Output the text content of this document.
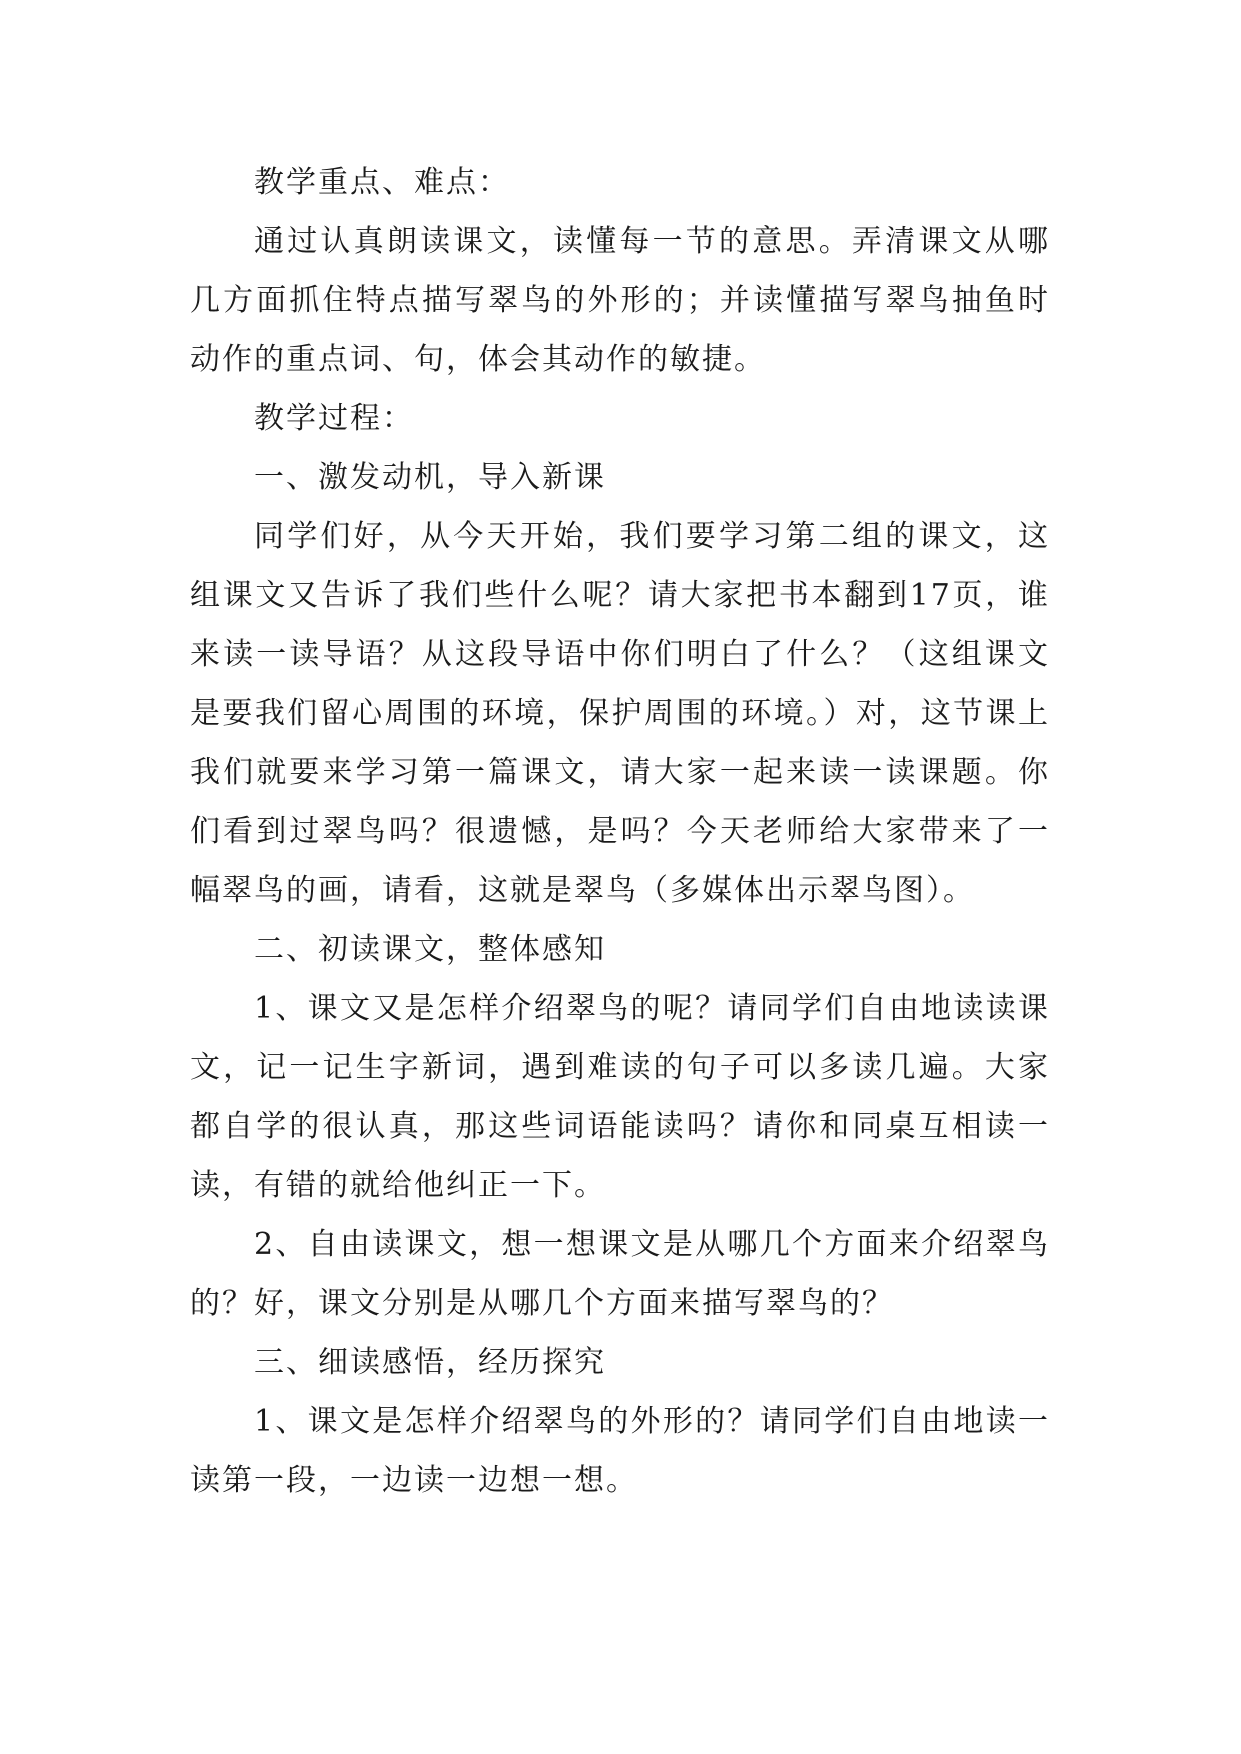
教学重点、难点：

通过认真朗读课文，读懂每一节的意思。弄清课文从哪几方面抓住特点描写翠鸟的外形的；并读懂描写翠鸟抽鱼时动作的重点词、句，体会其动作的敏捷。

教学过程：

一、激发动机，导入新课

同学们好，从今天开始，我们要学习第二组的课文，这组课文又告诉了我们些什么呢？请大家把书本翻到17页，谁来读一读导语？从这段导语中你们明白了什么？（这组课文是要我们留心周围的环境，保护周围的环境。）对，这节课上我们就要来学习第一篇课文，请大家一起来读一读课题。你们看到过翠鸟吗？很遗憾，是吗？今天老师给大家带来了一幅翠鸟的画，请看，这就是翠鸟（多媒体出示翠鸟图）。

二、初读课文，整体感知

1、课文又是怎样介绍翠鸟的呢？请同学们自由地读读课文，记一记生字新词，遇到难读的句子可以多读几遍。大家都自学的很认真，那这些词语能读吗？请你和同桌互相读一读，有错的就给他纠正一下。

2、自由读课文，想一想课文是从哪几个方面来介绍翠鸟的？好，课文分别是从哪几个方面来描写翠鸟的？

三、细读感悟，经历探究

1、课文是怎样介绍翠鸟的外形的？请同学们自由地读一读第一段，一边读一边想一想。
